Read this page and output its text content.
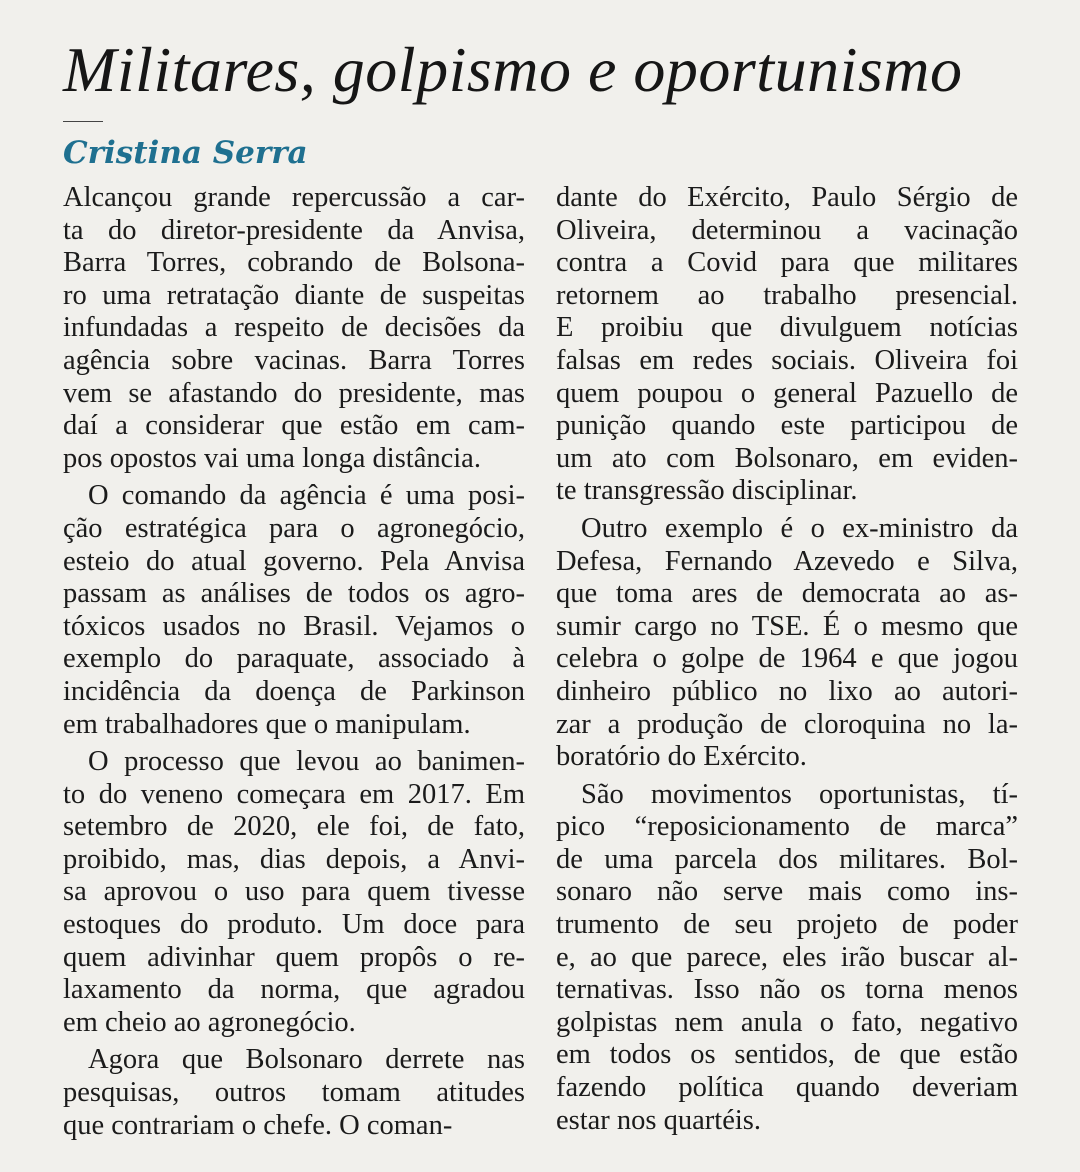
Militares, golpismo e oportunismo
Cristina Serra
Alcançou grande repercussão a car-
ta do diretor-presidente da Anvisa,
Barra Torres, cobrando de Bolsona-
ro uma retratação diante de suspeitas
infundadas a respeito de decisões da
agência sobre vacinas. Barra Torres
vem se afastando do presidente, mas
daí a considerar que estão em cam-
pos opostos vai uma longa distância.
O comando da agência é uma posi-
ção estratégica para o agronegócio,
esteio do atual governo. Pela Anvisa
passam as análises de todos os agro-
tóxicos usados no Brasil. Vejamos o
exemplo do paraquate, associado à
incidência da doença de Parkinson
em trabalhadores que o manipulam.
O processo que levou ao banimen-
to do veneno começara em 2017. Em
setembro de 2020, ele foi, de fato,
proibido, mas, dias depois, a Anvi-
sa aprovou o uso para quem tivesse
estoques do produto. Um doce para
quem adivinhar quem propôs o re-
laxamento da norma, que agradou
em cheio ao agronegócio.
Agora que Bolsonaro derrete nas
pesquisas, outros tomam atitudes
que contrariam o chefe. O coman-
dante do Exército, Paulo Sérgio de
Oliveira, determinou a vacinação
contra a Covid para que militares
retornem ao trabalho presencial.
E proibiu que divulguem notícias
falsas em redes sociais. Oliveira foi
quem poupou o general Pazuello de
punição quando este participou de
um ato com Bolsonaro, em eviden-
te transgressão disciplinar.
Outro exemplo é o ex-ministro da
Defesa, Fernando Azevedo e Silva,
que toma ares de democrata ao as-
sumir cargo no TSE. É o mesmo que
celebra o golpe de 1964 e que jogou
dinheiro público no lixo ao autori-
zar a produção de cloroquina no la-
boratório do Exército.
São movimentos oportunistas, tí-
pico “reposicionamento de marca”
de uma parcela dos militares. Bol-
sonaro não serve mais como ins-
trumento de seu projeto de poder
e, ao que parece, eles irão buscar al-
ternativas. Isso não os torna menos
golpistas nem anula o fato, negativo
em todos os sentidos, de que estão
fazendo política quando deveriam
estar nos quartéis.
